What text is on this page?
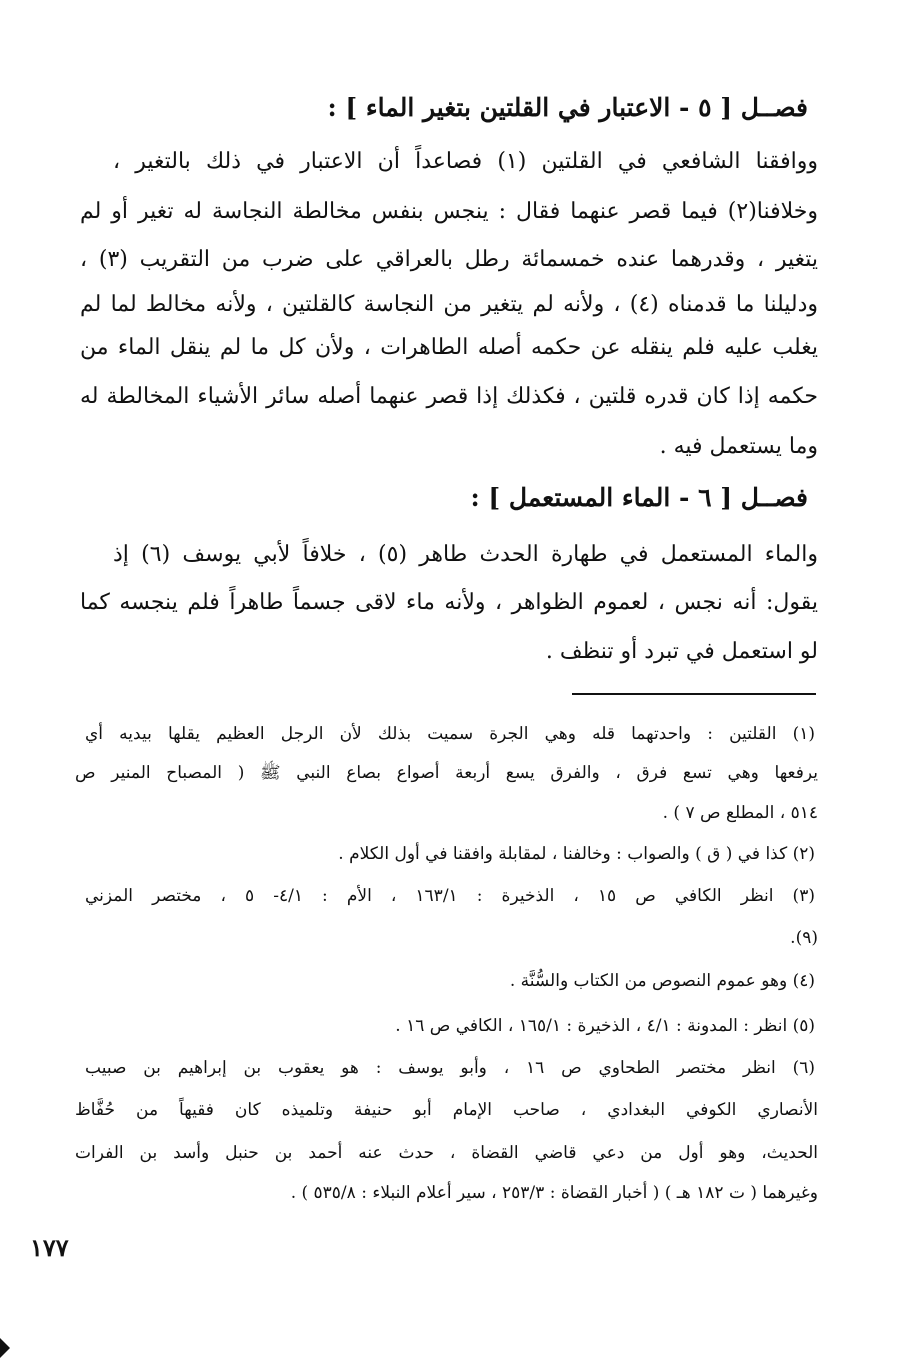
فصــل [ ٥ - الاعتبار في القلتين بتغير الماء ] :
ووافقنا الشافعي في القلتين (١) فصاعداً أن الاعتبار في ذلك بالتغير ،
وخلافنا(٢) فيما قصر عنهما فقال : ينجس بنفس مخالطة النجاسة له تغير أو لم
يتغير ، وقدرهما عنده خمسمائة رطل بالعراقي على ضرب من التقريب (٣) ،
ودليلنا ما قدمناه (٤) ، ولأنه لم يتغير من النجاسة كالقلتين ، ولأنه مخالط لما لم
يغلب عليه فلم ينقله عن حكمه أصله الطاهرات ، ولأن كل ما لم ينقل الماء من
حكمه إذا كان قدره قلتين ، فكذلك إذا قصر عنهما أصله سائر الأشياء المخالطة له
وما يستعمل فيه .
فصــل [ ٦ - الماء المستعمل ] :
والماء المستعمل في طهارة الحدث طاهر (٥) ، خلافاً لأبي يوسف (٦) إذ
يقول: أنه نجس ، لعموم الظواهر ، ولأنه ماء لاقى جسماً طاهراً فلم ينجسه كما
لو استعمل في تبرد أو تنظف .
(١) القلتين : واحدتهما قله وهي الجرة سميت بذلك لأن الرجل العظيم يقلها بيديه أي
يرفعها وهي تسع فرق ، والفرق يسع أربعة أصواع بصاع النبي ﷺ ( المصباح المنير ص
٥١٤ ، المطلع ص ٧ ) .
(٢) كذا في ( ق ) والصواب : وخالفنا ، لمقابلة وافقنا في أول الكلام .
(٣) انظر الكافي ص ١٥ ، الذخيرة : ١٦٣/١ ، الأم : ٤/١- ٥ ، مختصر المزني
(٩).
(٤) وهو عموم النصوص من الكتاب والسُّنَّة .
(٥) انظر : المدونة : ٤/١ ، الذخيرة : ١٦٥/١ ، الكافي ص ١٦ .
(٦) انظر مختصر الطحاوي ص ١٦ ، وأبو يوسف : هو يعقوب بن إبراهيم بن صبيب
الأنصاري الكوفي البغدادي ، صاحب الإمام أبو حنيفة وتلميذه كان فقيهاً من حُفَّاظ
الحديث، وهو أول من دعي قاضي القضاة ، حدث عنه أحمد بن حنبل وأسد بن الفرات
وغيرهما ( ت ١٨٢ هـ ) ( أخبار القضاة : ٢٥٣/٣ ، سير أعلام النبلاء : ٥٣٥/٨ ) .
١٧٧
